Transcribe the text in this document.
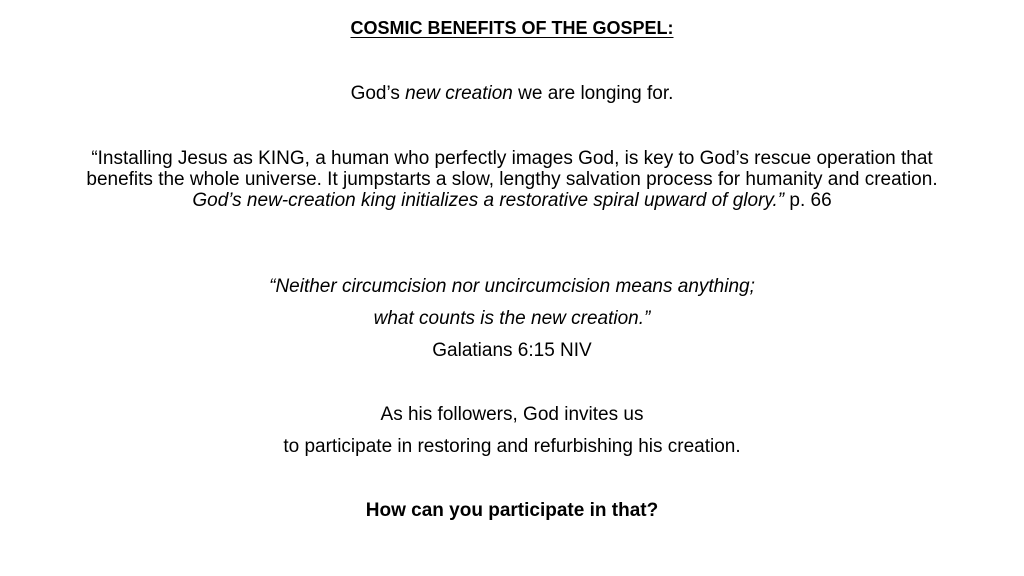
COSMIC BENEFITS OF THE GOSPEL:
God’s new creation we are longing for.
“Installing Jesus as KING, a human who perfectly images God, is key to God’s rescue operation that benefits the whole universe. It jumpstarts a slow, lengthy salvation process for humanity and creation. God’s new-creation king initializes a restorative spiral upward of glory.” p. 66
“Neither circumcision nor uncircumcision means anything;
what counts is the new creation.”
Galatians 6:15 NIV
As his followers, God invites us
to participate in restoring and refurbishing his creation.
How can you participate in that?
